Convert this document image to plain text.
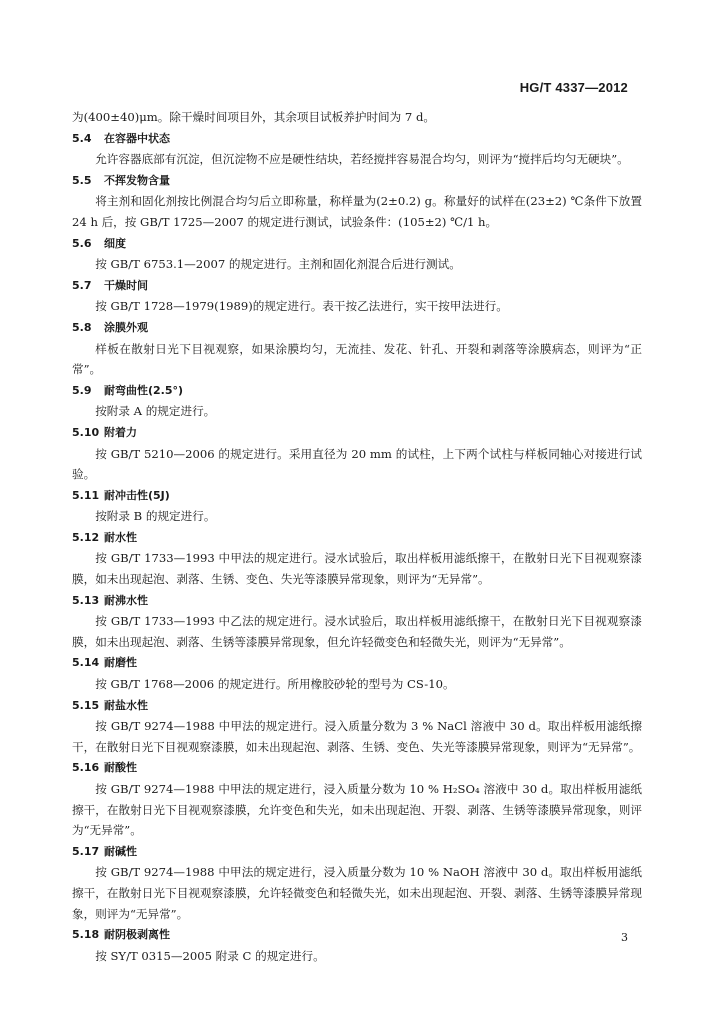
HG/T 4337—2012

为(400±40)μm。除干燥时间项目外，其余项目试板养护时间为 7 d。

5.4 在容器中状态

允许容器底部有沉淀，但沉淀物不应是硬性结块，若经搅拌容易混合均匀，则评为“搅拌后均匀无硬块”。

5.5 不挥发物含量

将主剂和固化剂按比例混合均匀后立即称量，称样量为(2±0.2) g。称量好的试样在(23±2) ℃条件下放置 24 h 后，按 GB/T 1725—2007 的规定进行测试，试验条件：(105±2) ℃/1 h。

5.6 细度

按 GB/T 6753.1—2007 的规定进行。主剂和固化剂混合后进行测试。

5.7 干燥时间

按 GB/T 1728—1979(1989)的规定进行。表干按乙法进行，实干按甲法进行。

5.8 涂膜外观

样板在散射日光下目视观察，如果涂膜均匀，无流挂、发花、针孔、开裂和剥落等涂膜病态，则评为“正常”。

5.9 耐弯曲性(2.5°)

按附录 A 的规定进行。

5.10 附着力

按 GB/T 5210—2006 的规定进行。采用直径为 20 mm 的试柱，上下两个试柱与样板同轴心对接进行试验。

5.11 耐冲击性(5J)

按附录 B 的规定进行。

5.12 耐水性

按 GB/T 1733—1993 中甲法的规定进行。浸水试验后，取出样板用滤纸擦干，在散射日光下目视观察漆膜，如未出现起泡、剥落、生锈、变色、失光等漆膜异常现象，则评为“无异常”。

5.13 耐沸水性

按 GB/T 1733—1993 中乙法的规定进行。浸水试验后，取出样板用滤纸擦干，在散射日光下目视观察漆膜，如未出现起泡、剥落、生锈等漆膜异常现象，但允许轻微变色和轻微失光，则评为“无异常”。

5.14 耐磨性

按 GB/T 1768—2006 的规定进行。所用橡胶砂轮的型号为 CS-10。

5.15 耐盐水性

按 GB/T 9274—1988 中甲法的规定进行。浸入质量分数为 3 % NaCl 溶液中 30 d。取出样板用滤纸擦干，在散射日光下目视观察漆膜，如未出现起泡、剥落、生锈、变色、失光等漆膜异常现象，则评为“无异常”。

5.16 耐酸性

按 GB/T 9274—1988 中甲法的规定进行，浸入质量分数为 10 % H₂SO₄ 溶液中 30 d。取出样板用滤纸擦干，在散射日光下目视观察漆膜，允许变色和失光，如未出现起泡、开裂、剥落、生锈等漆膜异常现象，则评为“无异常”。

5.17 耐碱性

按 GB/T 9274—1988 中甲法的规定进行，浸入质量分数为 10 % NaOH 溶液中 30 d。取出样板用滤纸擦干，在散射日光下目视观察漆膜，允许轻微变色和轻微失光，如未出现起泡、开裂、剥落、生锈等漆膜异常现象，则评为“无异常”。

5.18 耐阴极剥离性

按 SY/T 0315—2005 附录 C 的规定进行。

3
